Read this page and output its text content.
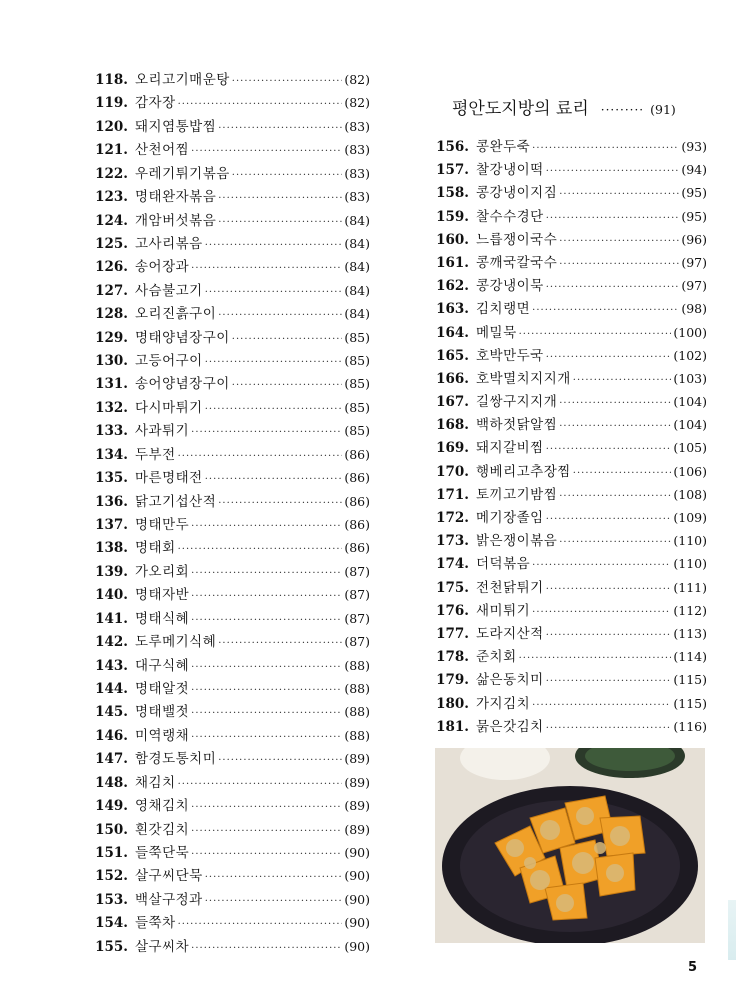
118. 오리고기매운탕 ·····	(82)
119. 감자장 ·····	(82)
120. 돼지염통밥찜 ·····	(83)
121. 산천어찜 ·····	(83)
122. 우레기튀기볶음 ·····	(83)
123. 명태완자볶음 ·····	(83)
124. 개암버섯볶음 ·····	(84)
125. 고사리볶음 ·····	(84)
126. 송어장과 ·····	(84)
127. 사슴불고기 ·····	(84)
128. 오리진흙구이 ·····	(84)
129. 명태양념장구이 ·····	(85)
130. 고등어구이 ·····	(85)
131. 송어양념장구이 ·····	(85)
132. 다시마튀기 ·····	(85)
133. 사과튀기 ·····	(85)
134. 두부전 ·····	(86)
135. 마른명태전 ·····	(86)
136. 닭고기섭산적 ·····	(86)
137. 명태만두 ·····	(86)
138. 명태회 ·····	(86)
139. 가오리회 ·····	(87)
140. 명태자반 ·····	(87)
141. 명태식혜 ·····	(87)
142. 도루메기식혜 ·····	(87)
143. 대구식혜 ·····	(88)
144. 명태알젓 ·····	(88)
145. 명태밸젓 ·····	(88)
146. 미역랭채 ·····	(88)
147. 함경도통치미 ·····	(89)
148. 채김치 ·····	(89)
149. 영채김치 ·····	(89)
150. 흰갓김치 ·····	(89)
151. 들쭉단묵 ·····	(90)
152. 살구씨단묵 ·····	(90)
153. 백살구정과 ·····	(90)
154. 들쭉차 ·····	(90)
155. 살구씨차 ·····	(90)
평안도지방의 료리 ········· (91)
156. 콩완두죽 ·····	(93)
157. 찰강냉이떡 ·····	(94)
158. 콩강냉이지짐 ·····	(95)
159. 찰수수경단 ·····	(95)
160. 느릅쟁이국수 ·····	(96)
161. 콩깨국칼국수 ·····	(97)
162. 콩강냉이묵 ·····	(97)
163. 김치랭면 ·····	(98)
164. 메밀묵 ·····	(100)
165. 호박만두국 ·····	(102)
166. 호박멸치지지개 ·····	(103)
167. 길쌍구지지개 ·····	(104)
168. 백하젓닭알찜 ·····	(104)
169. 돼지갈비찜 ·····	(105)
170. 행베리고추장찜 ·····	(106)
171. 토끼고기밤찜 ·····	(108)
172. 메기장졸임 ·····	(109)
173. 밝은쟁이볶음 ·····	(110)
174. 더덕볶음 ·····	(110)
175. 전천닭튀기 ·····	(111)
176. 새미튀기 ·····	(112)
177. 도라지산적 ·····	(113)
178. 준치회 ·····	(114)
179. 삶은동치미 ·····	(115)
180. 가지김치 ·····	(115)
181. 묽은갓김치 ·····	(116)
5
